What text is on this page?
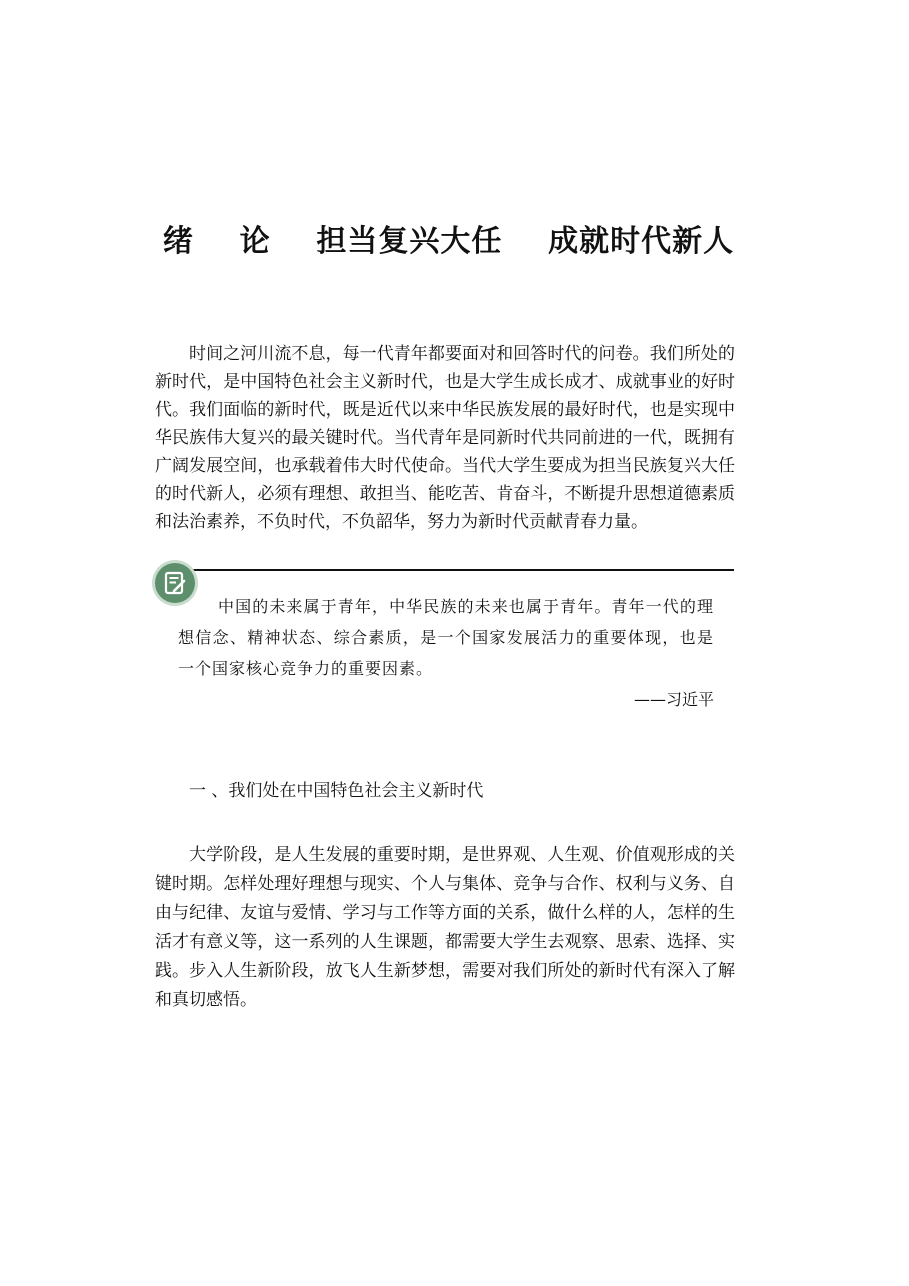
绪    论    担当复兴大任    成就时代新人

时间之河川流不息，每一代青年都要面对和回答时代的问卷。我们所处的新时代，是中国特色社会主义新时代，也是大学生成长成才、成就事业的好时代。我们面临的新时代，既是近代以来中华民族发展的最好时代，也是实现中华民族伟大复兴的最关键时代。当代青年是同新时代共同前进的一代，既拥有广阔发展空间，也承载着伟大时代使命。当代大学生要成为担当民族复兴大任的时代新人，必须有理想、敢担当、能吃苦、肯奋斗，不断提升思想道德素质和法治素养，不负时代，不负韶华，努力为新时代贡献青春力量。

中国的未来属于青年，中华民族的未来也属于青年。青年一代的理想信念、精神状态、综合素质，是一个国家发展活力的重要体现，也是一个国家核心竞争力的重要因素。

——习近平

一 、我们处在中国特色社会主义新时代

大学阶段，是人生发展的重要时期，是世界观、人生观、价值观形成的关键时期。怎样处理好理想与现实、个人与集体、竞争与合作、权利与义务、自由与纪律、友谊与爱情、学习与工作等方面的关系，做什么样的人，怎样的生活才有意义等，这一系列的人生课题，都需要大学生去观察、思索、选择、实践。步入人生新阶段，放飞人生新梦想，需要对我们所处的新时代有深入了解和真切感悟。
